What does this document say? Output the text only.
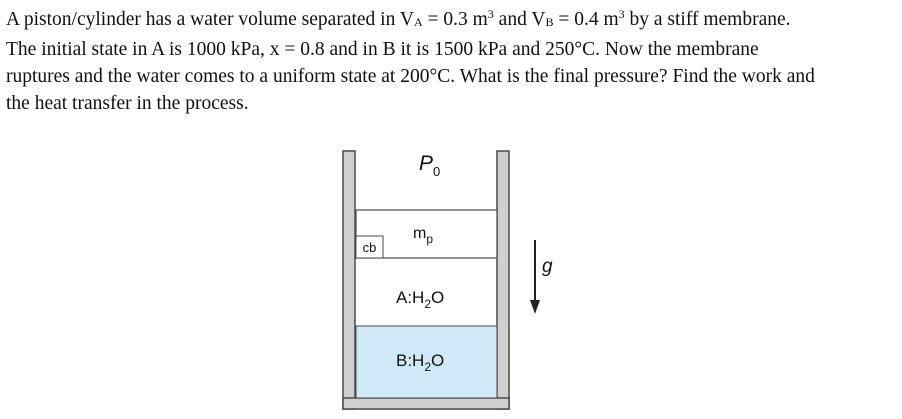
A piston/cylinder has a water volume separated in $V_A = 0.3$ $m^3$ and $V_B = 0.4$ $m^3$ by a stiff membrane.
The initial state in A is 1000 kPa, x = 0.8 and in B it is 1500 kPa and 250°C. Now the membrane
ruptures and the water comes to a uniform state at 200°C. What is the final pressure? Find the work and
the heat transfer in the process.
cb
$P_0$
$m_p$
$A:H_2O$
$B:H_2O$
g
